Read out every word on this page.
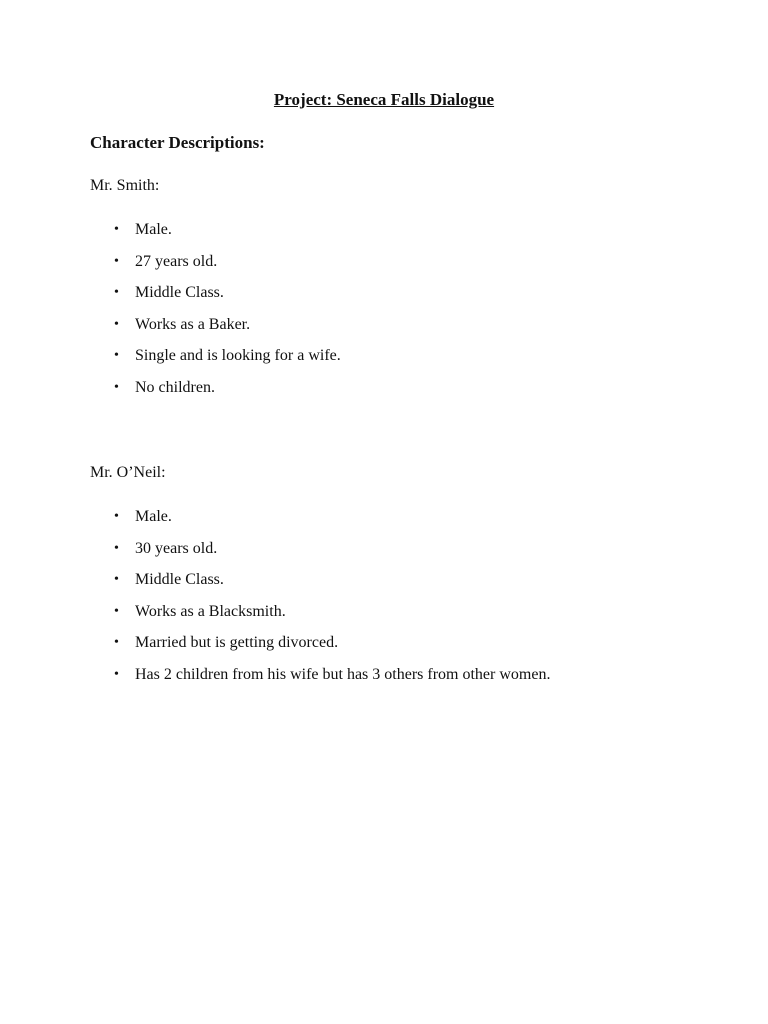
Project: Seneca Falls Dialogue
Character Descriptions:

Mr. Smith:

• Male.
• 27 years old.
• Middle Class.
• Works as a Baker.
• Single and is looking for a wife.
• No children.

Mr. O’Neil:

• Male.
• 30 years old.
• Middle Class.
• Works as a Blacksmith.
• Married but is getting divorced.
• Has 2 children from his wife but has 3 others from other women.
